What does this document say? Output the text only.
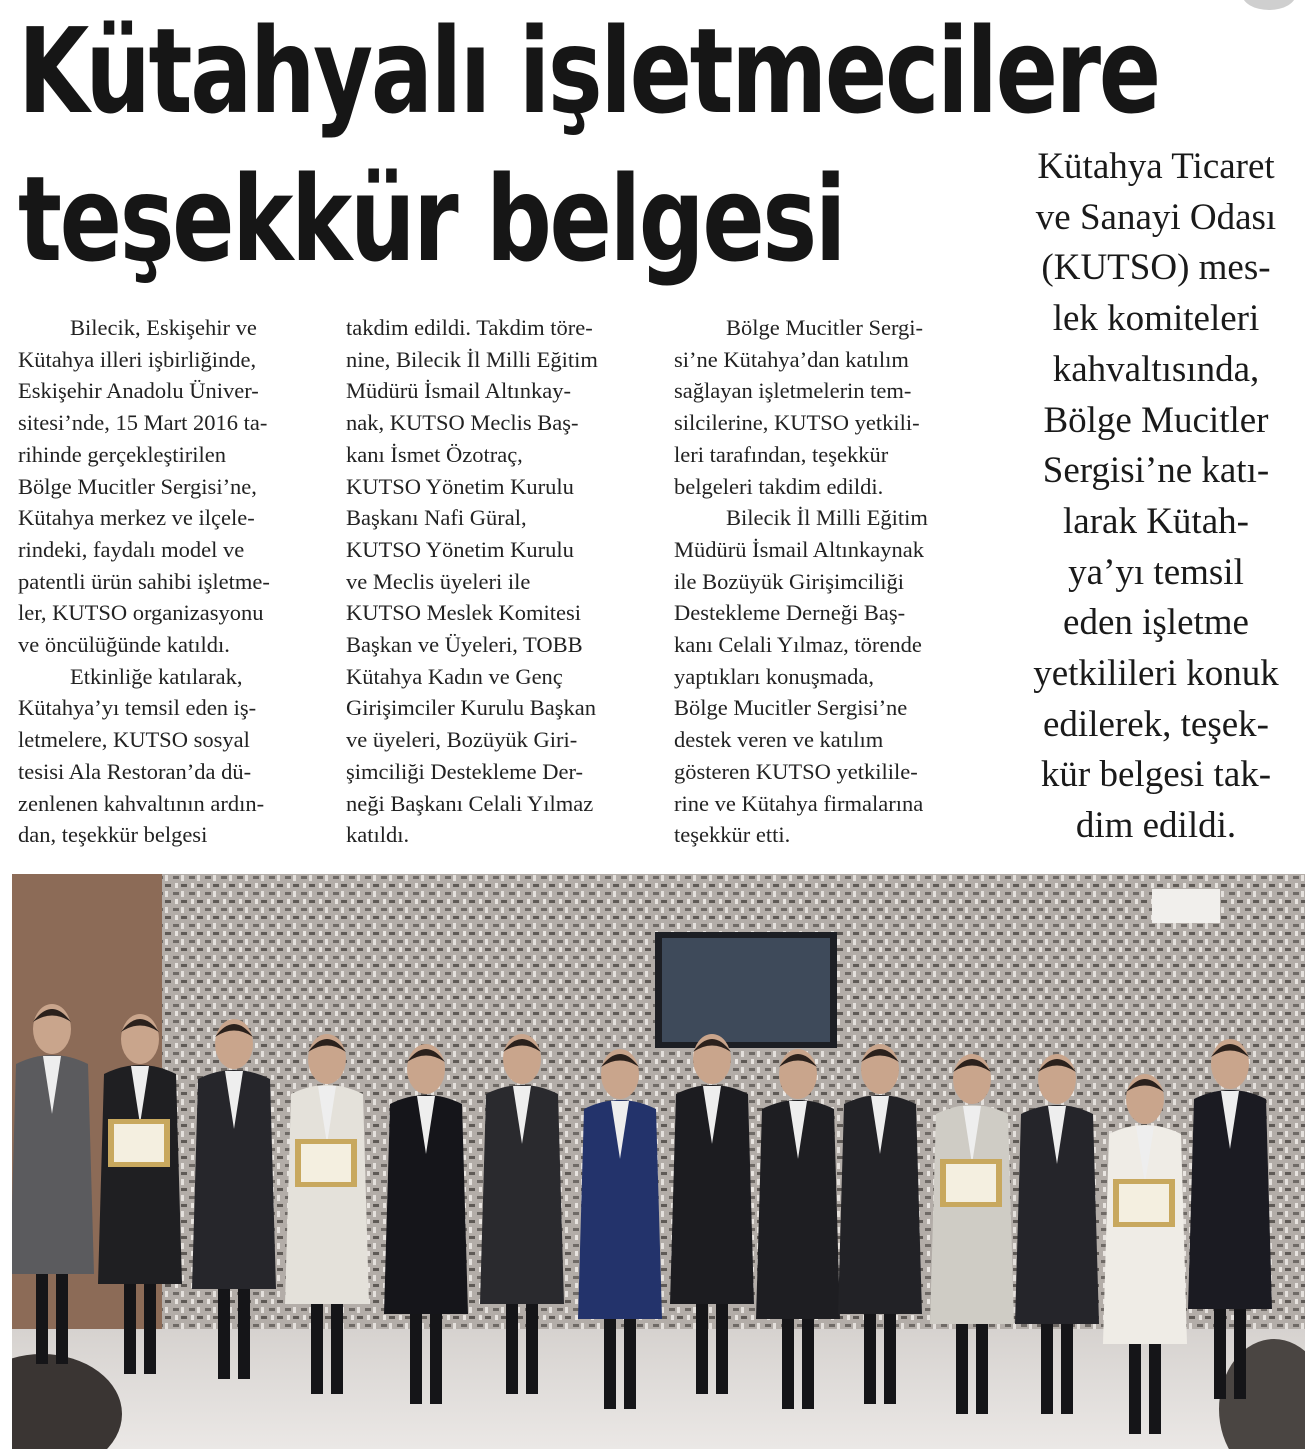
Kütahyalı işletmecilere
teşekkür belgesi

Bilecik, Eskişehir ve
Kütahya illeri işbirliğinde,
Eskişehir Anadolu Üniver-
sitesi’nde, 15 Mart 2016 ta-
rihinde gerçekleştirilen
Bölge Mucitler Sergisi’ne,
Kütahya merkez ve ilçele-
rindeki, faydalı model ve
patentli ürün sahibi işletme-
ler, KUTSO organizasyonu
ve öncülüğünde katıldı.

Etkinliğe katılarak,
Kütahya’yı temsil eden iş-
letmelere, KUTSO sosyal
tesisi Ala Restoran’da dü-
zenlenen kahvaltının ardın-
dan, teşekkür belgesi

takdim edildi. Takdim töre-
nine, Bilecik İl Milli Eğitim
Müdürü İsmail Altınkay-
nak, KUTSO Meclis Baş-
kanı İsmet Özotraç,
KUTSO Yönetim Kurulu
Başkanı Nafi Güral,
KUTSO Yönetim Kurulu
ve Meclis üyeleri ile
KUTSO Meslek Komitesi
Başkan ve Üyeleri, TOBB
Kütahya Kadın ve Genç
Girişimciler Kurulu Başkan
ve üyeleri, Bozüyük Giri-
şimciliği Destekleme Der-
neği Başkanı Celali Yılmaz
katıldı.

Bölge Mucitler Sergi-
si’ne Kütahya’dan katılım
sağlayan işletmelerin tem-
silcilerine, KUTSO yetkili-
leri tarafından, teşekkür
belgeleri takdim edildi.

Bilecik İl Milli Eğitim
Müdürü İsmail Altınkaynak
ile Bozüyük Girişimciliği
Destekleme Derneği Baş-
kanı Celali Yılmaz, törende
yaptıkları konuşmada,
Bölge Mucitler Sergisi’ne
destek veren ve katılım
gösteren KUTSO yetkilile-
rine ve Kütahya firmalarına
teşekkür etti.

Kütahya Ticaret
ve Sanayi Odası
(KUTSO) mes-
lek komiteleri
kahvaltısında,
Bölge Mucitler
Sergisi’ne katı-
larak Kütah-
ya’yı temsil
eden işletme
yetkilileri konuk
edilerek, teşek-
kür belgesi tak-
dim edildi.
